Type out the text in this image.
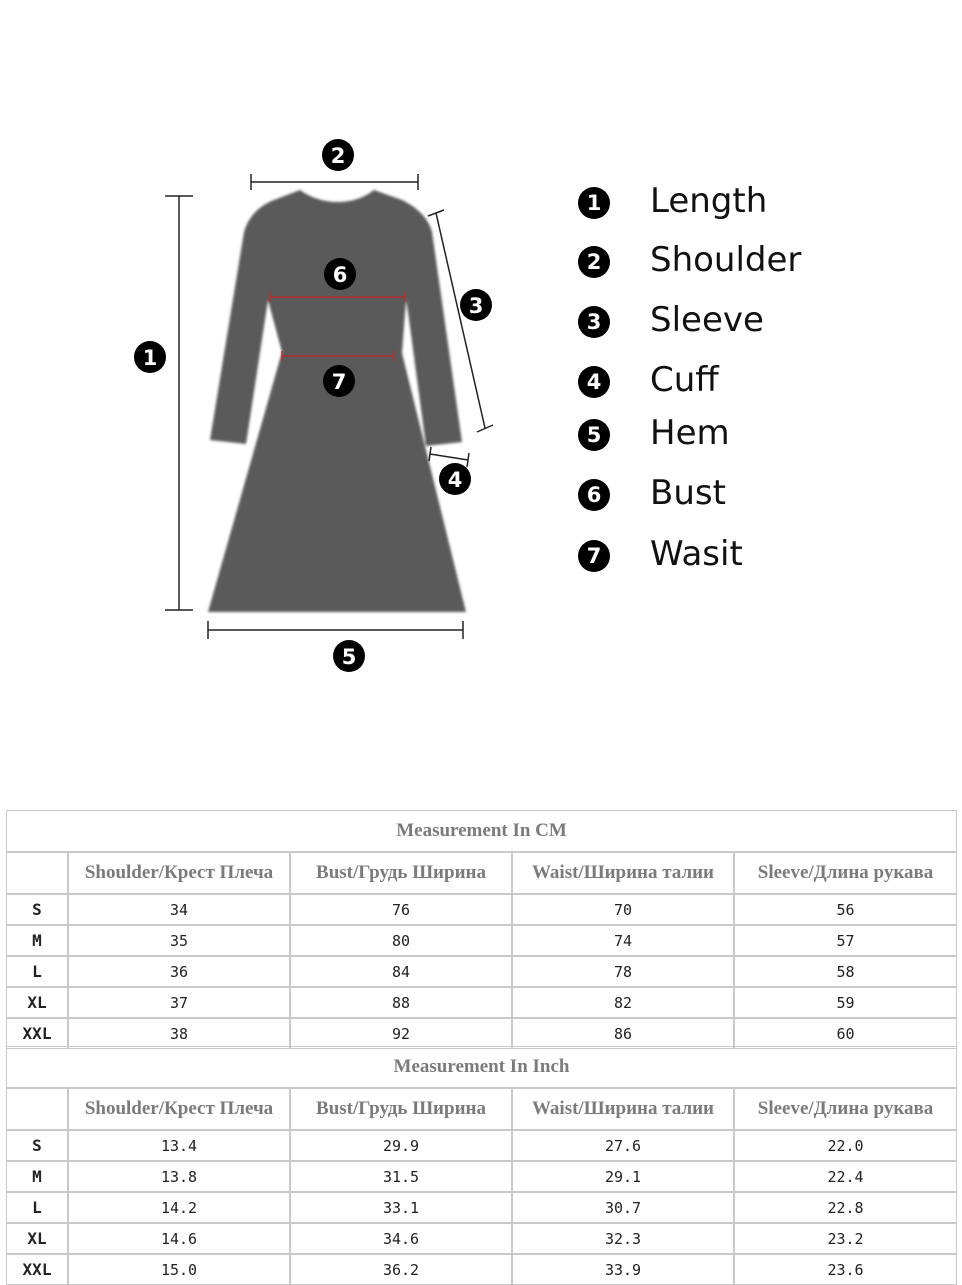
1
2
3
4
5
6
7
1 Length
2 Shoulder
3 Sleeve
4 Cuff
5 Hem
6 Bust
7 Wasit
Measurement In CM				
	Shoulder/Крест Плеча	Bust/Грудь Ширина	Waist/Ширина талии	Sleeve/Длина рукава
S	34	76	70	56
M	35	80	74	57
L	36	84	78	58
XL	37	88	82	59
XXL	38	92	86	60
Measurement In Inch				
	Shoulder/Крест Плеча	Bust/Грудь Ширина	Waist/Ширина талии	Sleeve/Длина рукава
S	13.4	29.9	27.6	22.0
M	13.8	31.5	29.1	22.4
L	14.2	33.1	30.7	22.8
XL	14.6	34.6	32.3	23.2
XXL	15.0	36.2	33.9	23.6
